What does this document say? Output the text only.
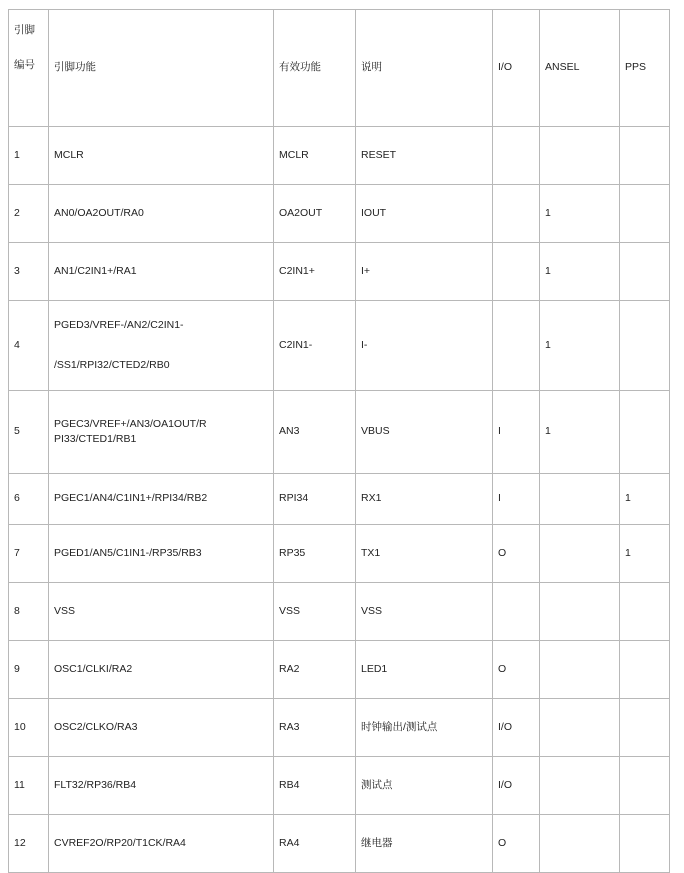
引脚
编号	引脚功能	有效功能	说明	I/O	ANSEL	PPS
1	MCLR	MCLR	RESET			
2	AN0/OA2OUT/RA0	OA2OUT	IOUT		1	
3	AN1/C2IN1+/RA1	C2IN1+	I+		1	
4	PGED3/VREF-/AN2/C2IN1-
/SS1/RPI32/CTED2/RB0	C2IN1-	I-		1	
5	PGEC3/VREF+/AN3/OA1OUT/R
PI33/CTED1/RB1	AN3	VBUS	I	1	
6	PGEC1/AN4/C1IN1+/RPI34/RB2	RPI34	RX1	I		1
7	PGED1/AN5/C1IN1-/RP35/RB3	RP35	TX1	O		1
8	VSS	VSS	VSS			
9	OSC1/CLKI/RA2	RA2	LED1	O		
10	OSC2/CLKO/RA3	RA3	时钟输出/测试点	I/O		
11	FLT32/RP36/RB4	RB4	测试点	I/O		
12	CVREF2O/RP20/T1CK/RA4	RA4	继电器	O		
